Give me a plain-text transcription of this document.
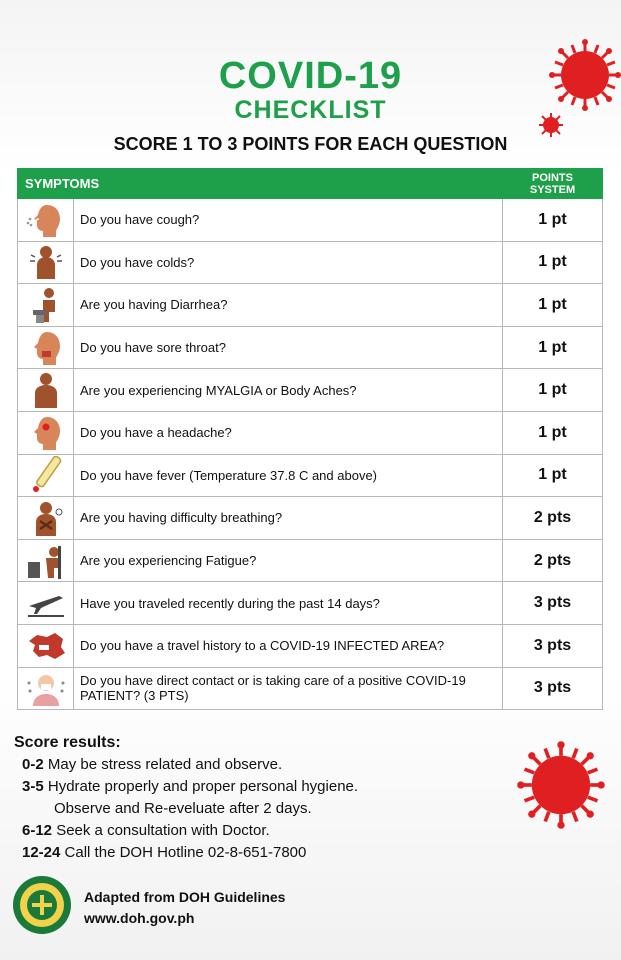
COVID-19
CHECKLIST
SCORE 1 TO 3 POINTS FOR EACH QUESTION
SYMPTOMS		POINTS
SYSTEM
	Do you have cough?	1 pt
	Do you have colds?	1 pt
	Are you having Diarrhea?	1 pt
	Do you have sore throat?	1 pt
	Are you experiencing MYALGIA or Body Aches?	1 pt
	Do you have a headache?	1 pt
	Do you have fever (Temperature 37.8 C and above)	1 pt
	Are you having difficulty breathing?	2 pts
	Are you experiencing Fatigue?	2 pts
	Have you traveled recently during the past 14 days?	3 pts
	Do you have a travel history to a COVID-19 INFECTED AREA?	3 pts
	Do you have direct contact or is taking care of a positive COVID-19 PATIENT? (3 PTS)	3 pts
Score results:
0-2 May be stress related and observe.
3-5 Hydrate properly and proper personal hygiene.
Observe and Re-eveluate after 2 days.
6-12 Seek a consultation with Doctor.
12-24 Call the DOH Hotline 02-8-651-7800
Adapted from DOH Guidelines
www.doh.gov.ph
